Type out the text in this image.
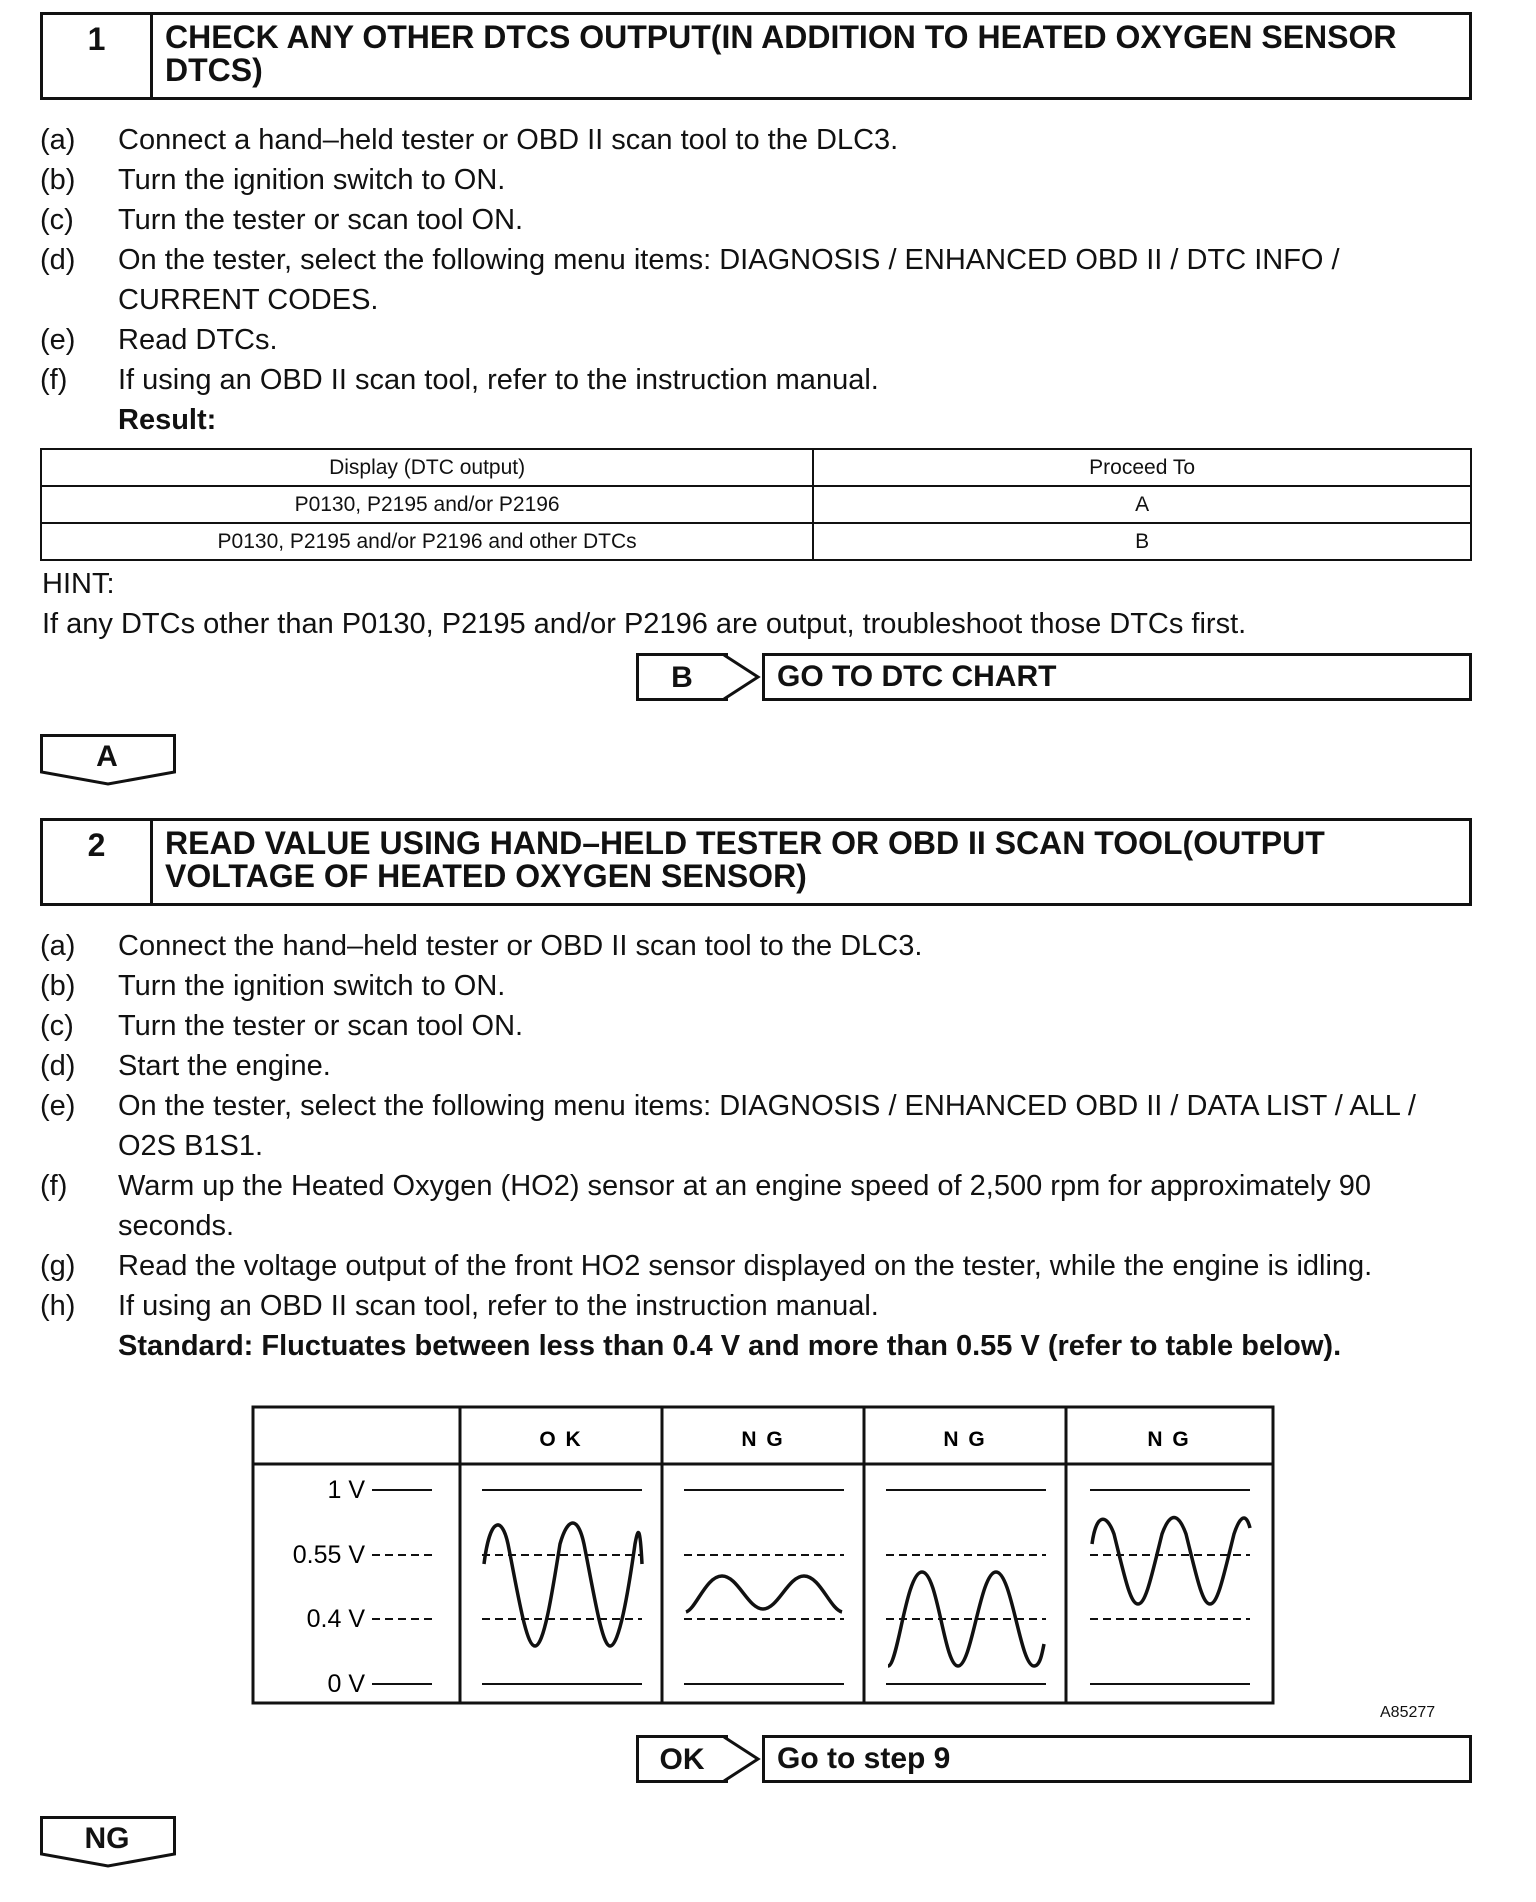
1	CHECK ANY OTHER DTCS OUTPUT(IN ADDITION TO HEATED OXYGEN SENSOR DTCS)
(a)	Connect a hand–held tester or OBD II scan tool to the DLC3.
(b)	Turn the ignition switch to ON.
(c)	Turn the tester or scan tool ON.
(d)	On the tester, select the following menu items: DIAGNOSIS / ENHANCED OBD II / DTC INFO / CURRENT CODES.
(e)	Read DTCs.
(f)	If using an OBD II scan tool, refer to the instruction manual.
Result:
Display (DTC output)	Proceed To
P0130, P2195 and/or P2196	A
P0130, P2195 and/or P2196 and other DTCs	B
HINT:
If any DTCs other than P0130, P2195 and/or P2196 are output, troubleshoot those DTCs first.
B	GO TO DTC CHART
A
2	READ VALUE USING HAND–HELD TESTER OR OBD II SCAN TOOL(OUTPUT VOLTAGE OF HEATED OXYGEN SENSOR)
(a)	Connect the hand–held tester or OBD II scan tool to the DLC3.
(b)	Turn the ignition switch to ON.
(c)	Turn the tester or scan tool ON.
(d)	Start the engine.
(e)	On the tester, select the following menu items: DIAGNOSIS / ENHANCED OBD II / DATA LIST / ALL / O2S B1S1.
(f)	Warm up the Heated Oxygen (HO2) sensor at an engine speed of 2,500 rpm for approximately 90 seconds.
(g)	Read the voltage output of the front HO2 sensor displayed on the tester, while the engine is idling.
(h)	If using an OBD II scan tool, refer to the instruction manual.
Standard: Fluctuates between less than 0.4 V and more than 0.55 V (refer to table below).
O K	N G	N G	N G
1 V
0.55 V
0.4 V
0 V
A85277
OK	Go to step 9
NG
